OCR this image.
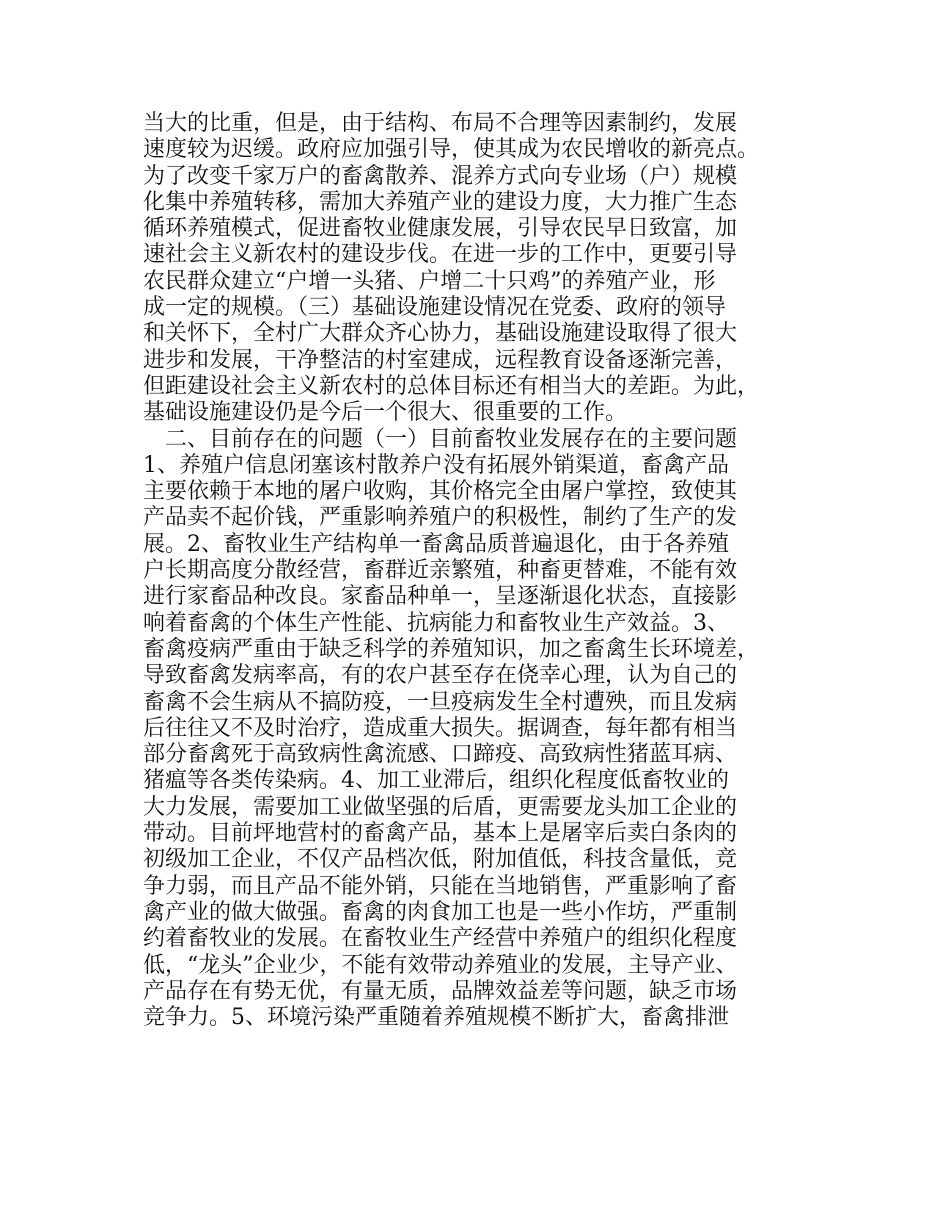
当大的比重，但是，由于结构、布局不合理等因素制约，发展
速度较为迟缓。政府应加强引导，使其成为农民增收的新亮点。
为了改变千家万户的畜禽散养、混养方式向专业场（户）规模
化集中养殖转移，需加大养殖产业的建设力度，大力推广生态
循环养殖模式，促进畜牧业健康发展，引导农民早日致富，加
速社会主义新农村的建设步伐。在进一步的工作中，更要引导
农民群众建立“户增一头猪、户增二十只鸡”的养殖产业，形
成一定的规模。（三）基础设施建设情况在党委、政府的领导
和关怀下，全村广大群众齐心协力，基础设施建设取得了很大
进步和发展，干净整洁的村室建成，远程教育设备逐渐完善，
但距建设社会主义新农村的总体目标还有相当大的差距。为此，
基础设施建设仍是今后一个很大、很重要的工作。
　二、目前存在的问题（一）目前畜牧业发展存在的主要问题
1、养殖户信息闭塞该村散养户没有拓展外销渠道，畜禽产品
主要依赖于本地的屠户收购，其价格完全由屠户掌控，致使其
产品卖不起价钱，严重影响养殖户的积极性，制约了生产的发
展。2、畜牧业生产结构单一畜禽品质普遍退化，由于各养殖
户长期高度分散经营，畜群近亲繁殖，种畜更替难，不能有效
进行家畜品种改良。家畜品种单一，呈逐渐退化状态，直接影
响着畜禽的个体生产性能、抗病能力和畜牧业生产效益。3、
畜禽疫病严重由于缺乏科学的养殖知识，加之畜禽生长环境差，
导致畜禽发病率高，有的农户甚至存在侥幸心理，认为自己的
畜禽不会生病从不搞防疫，一旦疫病发生全村遭殃，而且发病
后往往又不及时治疗，造成重大损失。据调查，每年都有相当
部分畜禽死于高致病性禽流感、口蹄疫、高致病性猪蓝耳病、
猪瘟等各类传染病。4、加工业滞后，组织化程度低畜牧业的
大力发展，需要加工业做坚强的后盾，更需要龙头加工企业的
带动。目前坪地营村的畜禽产品，基本上是屠宰后卖白条肉的
初级加工企业，不仅产品档次低，附加值低，科技含量低，竞
争力弱，而且产品不能外销，只能在当地销售，严重影响了畜
禽产业的做大做强。畜禽的肉食加工也是一些小作坊，严重制
约着畜牧业的发展。在畜牧业生产经营中养殖户的组织化程度
低，“龙头”企业少，不能有效带动养殖业的发展，主导产业、
产品存在有势无优，有量无质，品牌效益差等问题，缺乏市场
竞争力。5、环境污染严重随着养殖规模不断扩大，畜禽排泄
